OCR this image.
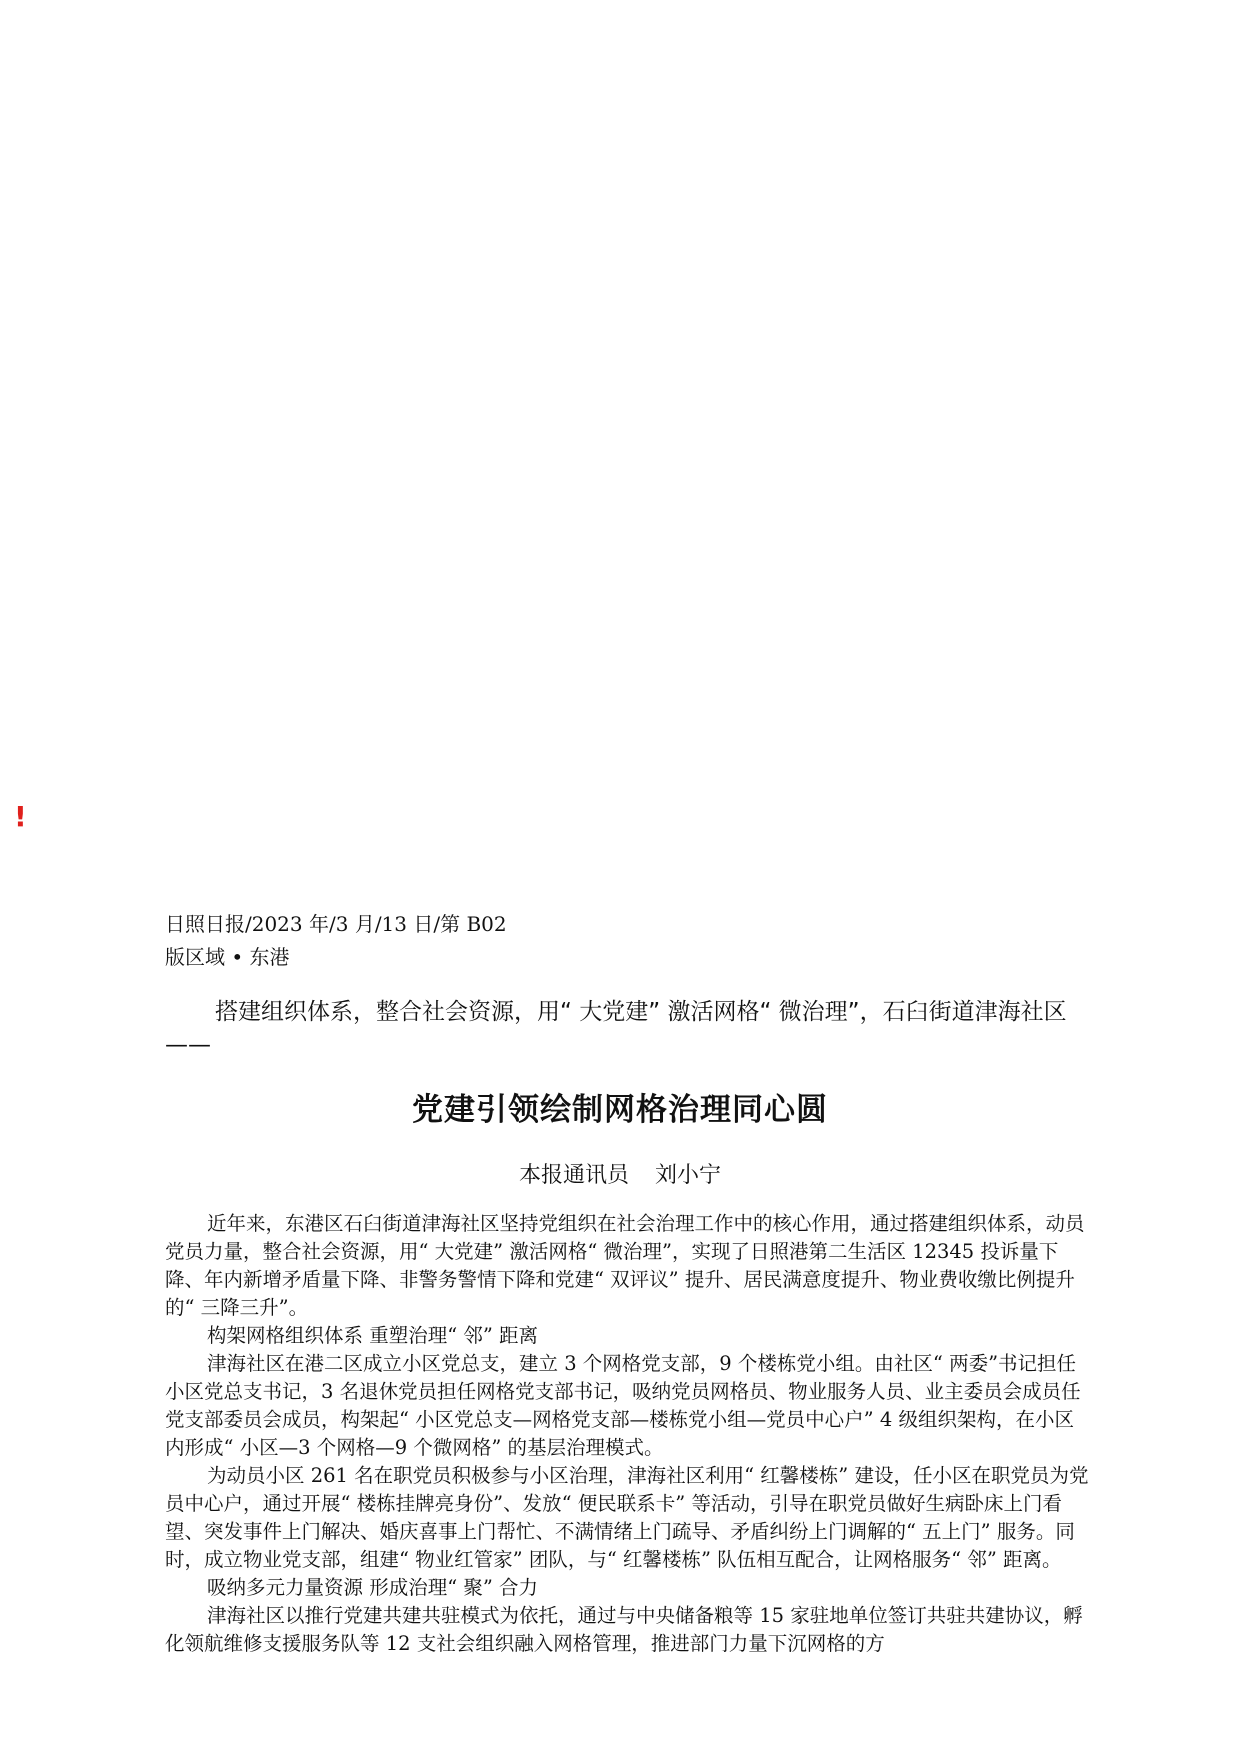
!
日照日报/2023 年/3 月/13 日/第 B02
版区域 • 东港
搭建组织体系，整合社会资源，用“ 大党建” 激活网格“ 微治理”，石臼街道津海社区——
党建引领绘制网格治理同心圆
本报通讯员 刘小宁

近年来，东港区石臼街道津海社区坚持党组织在社会治理工作中的核心作用，通过搭建组织体系，动员党员力量，整合社会资源，用“ 大党建” 激活网格“ 微治理”，实现了日照港第二生活区 12345 投诉量下降、年内新增矛盾量下降、非警务警情下降和党建“ 双评议” 提升、居民满意度提升、物业费收缴比例提升的“ 三降三升”。

构架网格组织体系 重塑治理“ 邻” 距离

津海社区在港二区成立小区党总支，建立 3 个网格党支部，9 个楼栋党小组。由社区“ 两委”书记担任小区党总支书记，3 名退休党员担任网格党支部书记，吸纳党员网格员、物业服务人员、业主委员会成员任党支部委员会成员，构架起“ 小区党总支—网格党支部—楼栋党小组—党员中心户” 4 级组织架构，在小区内形成“ 小区—3 个网格—9 个微网格” 的基层治理模式。

为动员小区 261 名在职党员积极参与小区治理，津海社区利用“ 红馨楼栋” 建设，任小区在职党员为党员中心户，通过开展“ 楼栋挂牌亮身份”、发放“ 便民联系卡” 等活动，引导在职党员做好生病卧床上门看望、突发事件上门解决、婚庆喜事上门帮忙、不满情绪上门疏导、矛盾纠纷上门调解的“ 五上门” 服务。同时，成立物业党支部，组建“ 物业红管家” 团队，与“ 红馨楼栋” 队伍相互配合，让网格服务“ 邻” 距离。

吸纳多元力量资源 形成治理“ 聚” 合力

津海社区以推行党建共建共驻模式为依托，通过与中央储备粮等 15 家驻地单位签订共驻共建协议，孵化领航维修支援服务队等 12 支社会组织融入网格管理，推进部门力量下沉网格的方
